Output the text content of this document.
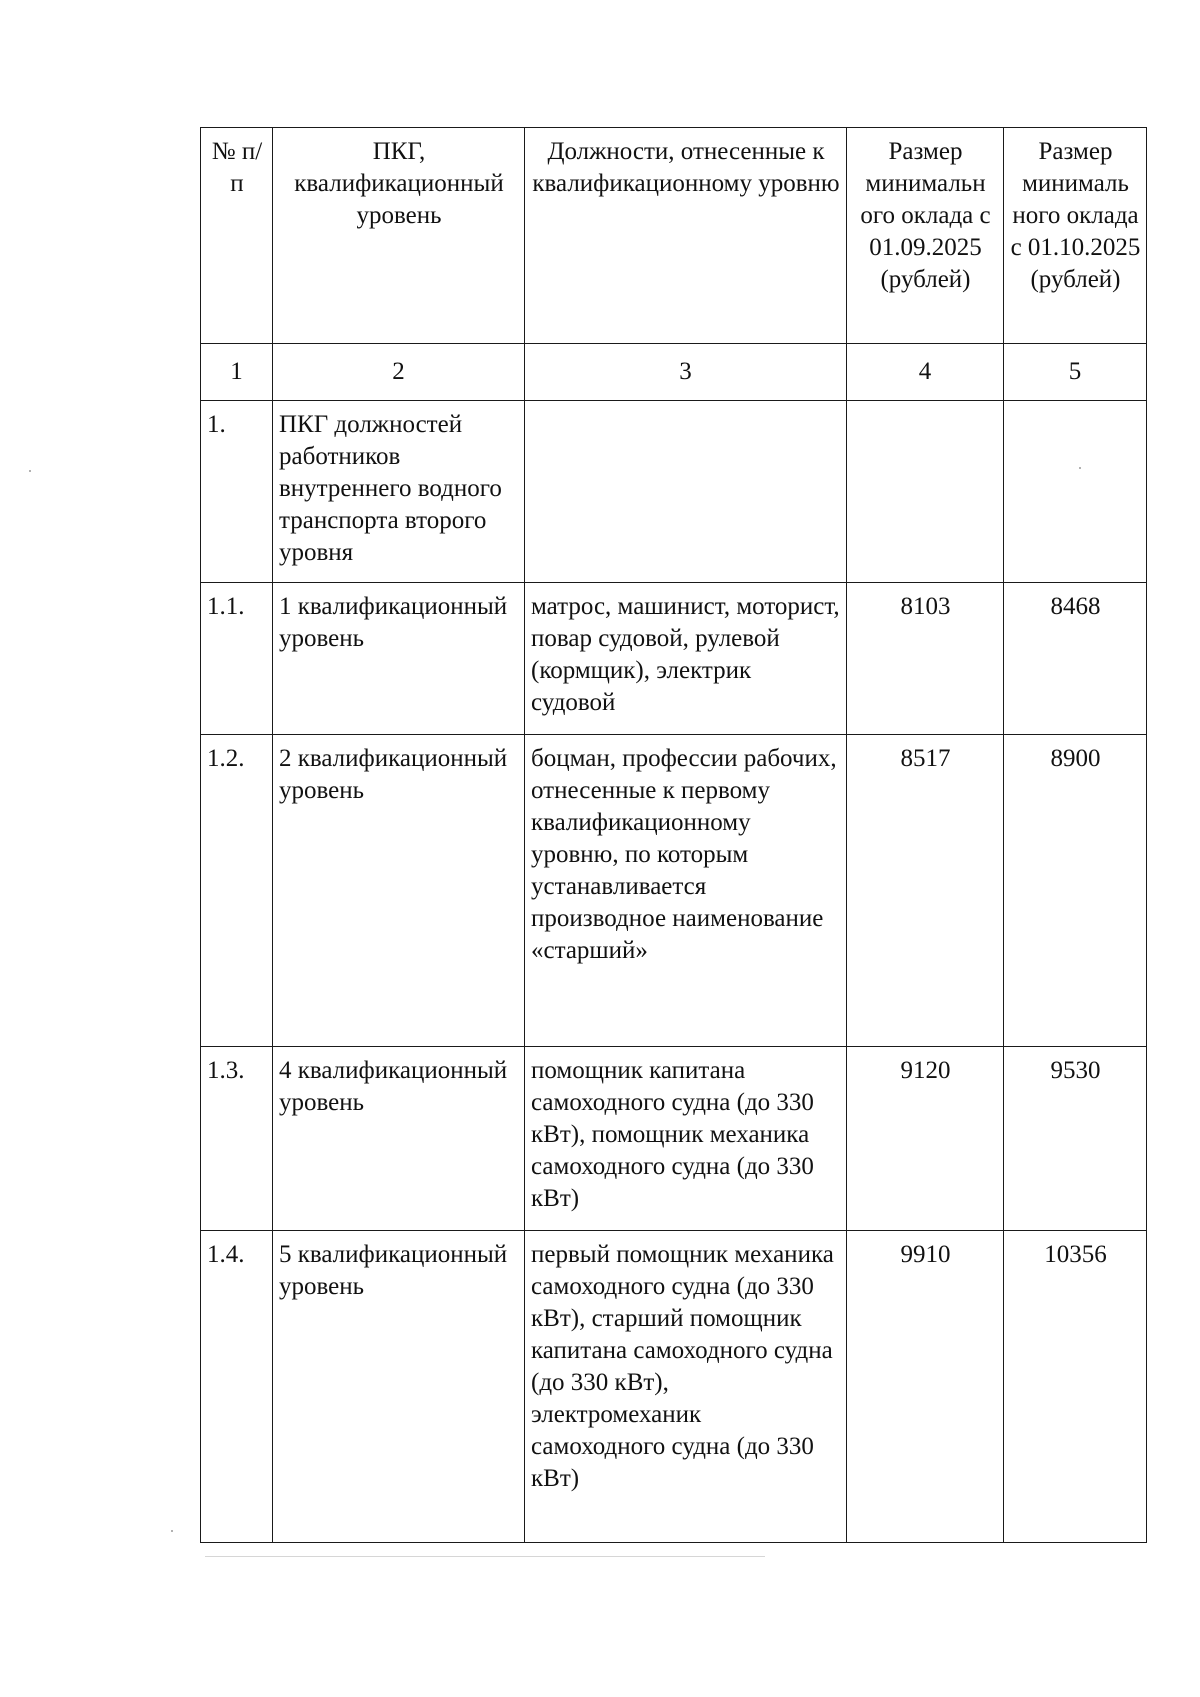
№ п/п	ПКГ, квалификационный уровень	Должности, отнесенные к квалификационному уровню	Размер минимальн ого оклада с 01.09.2025 (рублей)	Размер минималь ного оклада с 01.10.2025 (рублей)
1	2	3	4	5
1.	ПКГ должностей работников внутреннего водного транспорта второго уровня			
1.1.	1 квалификационный уровень	матрос, машинист, моторист, повар судовой, рулевой (кормщик), электрик судовой	8103	8468
1.2.	2 квалификационный уровень	боцман, профессии рабочих, отнесенные к первому квалификационному уровню, по которым устанавливается производное наименование «старший»	8517	8900
1.3.	4 квалификационный уровень	помощник капитана самоходного судна (до 330 кВт), помощник механика самоходного судна (до 330 кВт)	9120	9530
1.4.	5 квалификационный уровень	первый помощник механика самоходного судна (до 330 кВт), старший помощник капитана самоходного судна (до 330 кВт), электромеханик самоходного судна (до 330 кВт)	9910	10356
